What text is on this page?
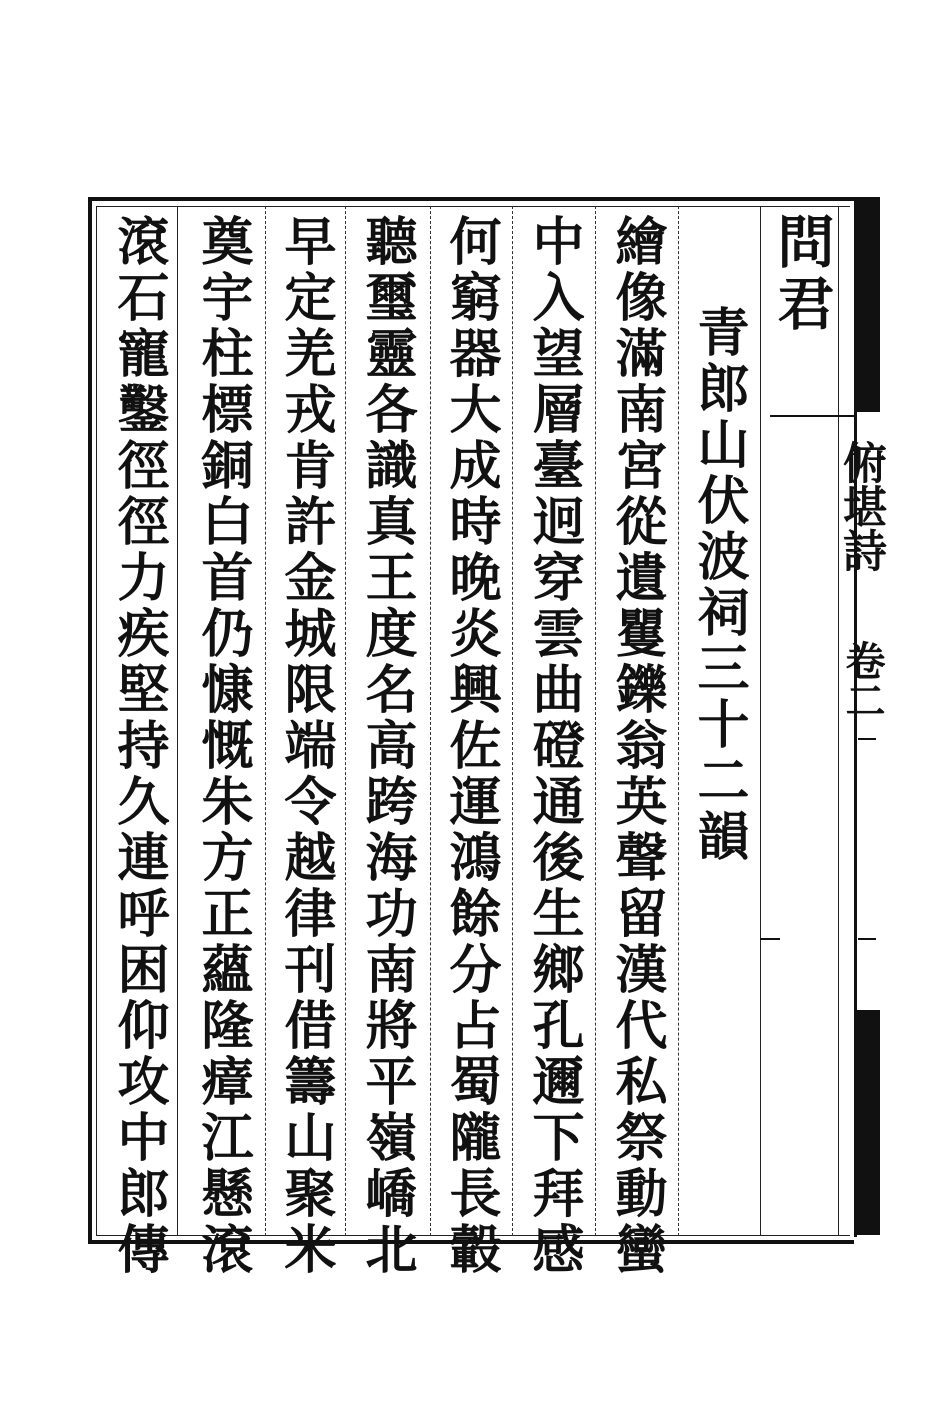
問君
青郎山伏波祠三十二韻
繪像滿南宮從遺矍鑠翁英聲留漢代私祭動蠻
中入望層臺迥穿雲曲磴通後生鄉孔邇下拜感
何窮器大成時晚炎興佐運鴻餘分占蜀隴長轂
聽璽靈各識真王度名高跨海功南將平嶺嶠北
早定羌戎肯許金城限端令越律刊借籌山聚米
奠宇柱標銅白首仍慷慨朱方正蘊隆瘴江懸滾
滾石寵鑿徑徑力疾堅持久連呼困仰攻中郎傳	俯堪詩
卷二
